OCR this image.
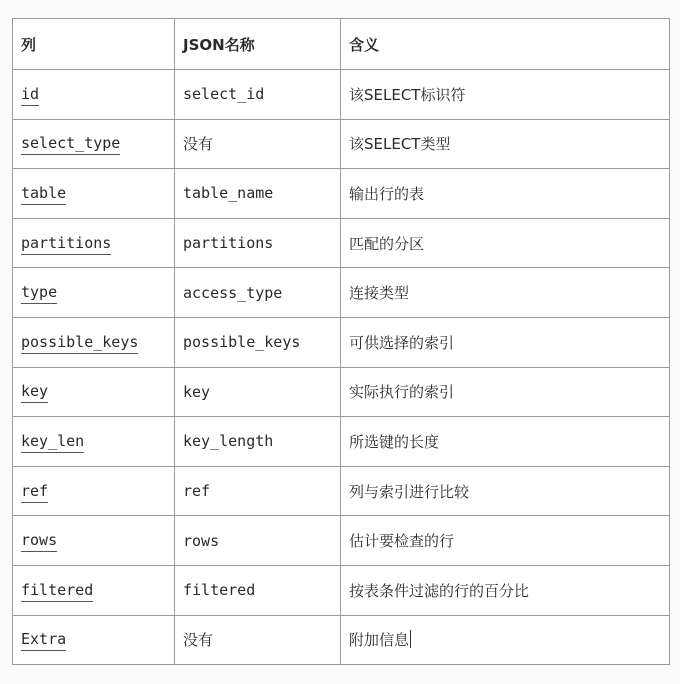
列	JSON名称	含义
id	select_id	该SELECT标识符
select_type	没有	该SELECT类型
table	table_name	输出行的表
partitions	partitions	匹配的分区
type	access_type	连接类型
possible_keys	possible_keys	可供选择的索引
key	key	实际执行的索引
key_len	key_length	所选键的长度
ref	ref	列与索引进行比较
rows	rows	估计要检查的行
filtered	filtered	按表条件过滤的行的百分比
Extra	没有	附加信息
